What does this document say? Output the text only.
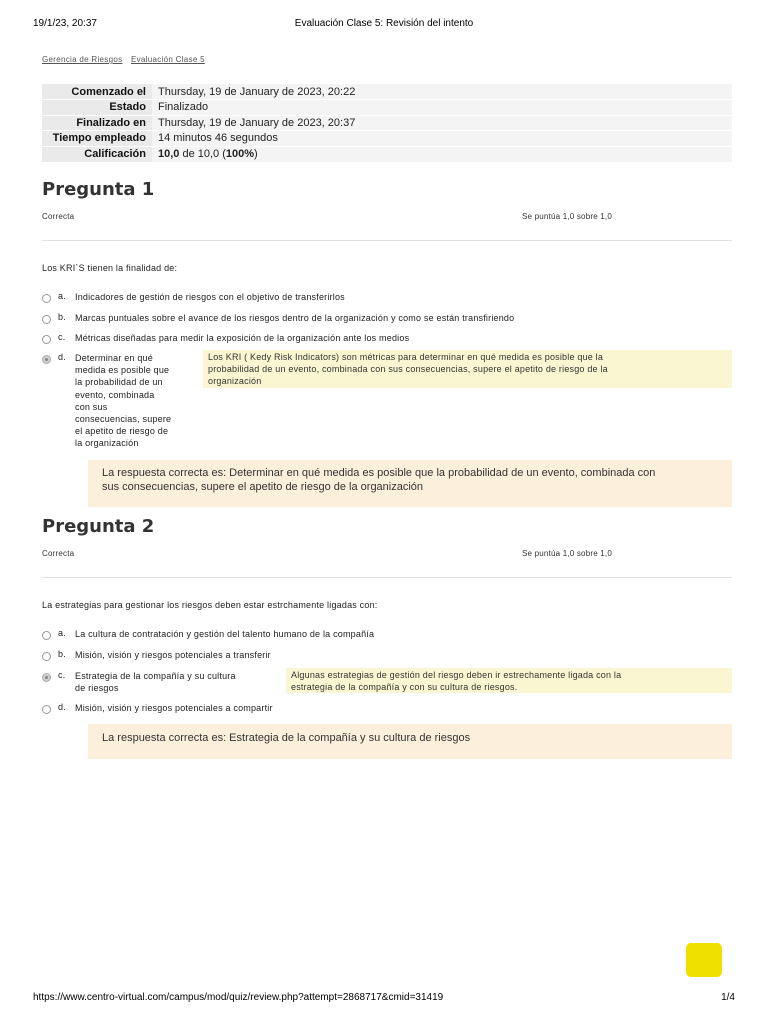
19/1/23, 20:37	Evaluación Clase 5: Revisión del intento
Gerencia de Riesgos Evaluación Clase 5
Comenzado el	Thursday, 19 de January de 2023, 20:22
Estado	Finalizado
Finalizado en	Thursday, 19 de January de 2023, 20:37
Tiempo empleado	14 minutos 46 segundos
Calificación	10,0 de 10,0 (100%)
Pregunta 1
Correcta	Se puntúa 1,0 sobre 1,0
Los KRI´S tienen la finalidad de:
a. Indicadores de gestión de riesgos con el objetivo de transferirlos
b. Marcas puntuales sobre el avance de los riesgos dentro de la organización y como se están transfiriendo
c. Métricas diseñadas para medir la exposición de la organización ante los medios
d. Determinar en qué
medida es posible que
la probabilidad de un
evento, combinada
con sus
consecuencias, supere
el apetito de riesgo de
la organización
Los KRI ( Kedy Risk Indicators) son métricas para determinar en qué medida es posible que la
probabilidad de un evento, combinada con sus consecuencias, supere el apetito de riesgo de la
organización
La respuesta correcta es: Determinar en qué medida es posible que la probabilidad de un evento, combinada con
sus consecuencias, supere el apetito de riesgo de la organización
Pregunta 2
Correcta	Se puntúa 1,0 sobre 1,0
La estrategias para gestionar los riesgos deben estar estrchamente ligadas con:
a. La cultura de contratación y gestión del talento humano de la compañía
b. Misión, visión y riesgos potenciales a transferir
c. Estrategia de la compañía y su cultura
de riesgos
Algunas estrategias de gestión del riesgo deben ir estrechamente ligada con la
estrategia de la compañía y con su cultura de riesgos.
d. Misión, visión y riesgos potenciales a compartir
La respuesta correcta es: Estrategia de la compañía y su cultura de riesgos
https://www.centro-virtual.com/campus/mod/quiz/review.php?attempt=2868717&cmid=31419	1/4
